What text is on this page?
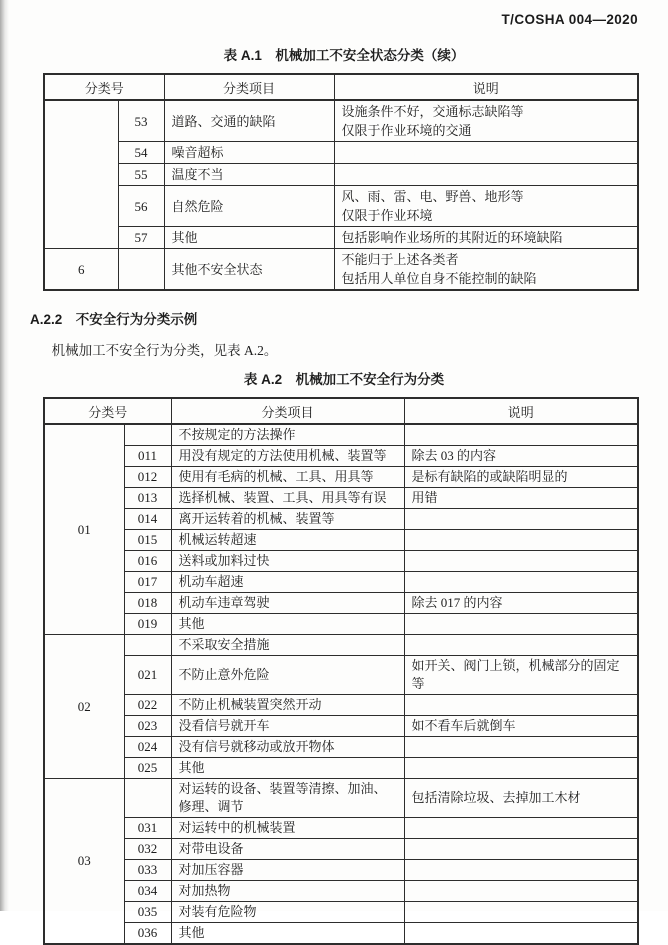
T/COSHA 004—2020
表 A.1　机械加工不安全状态分类（续）
分类号		分类项目	说明
	53	道路、交通的缺陷	设施条件不好，交通标志缺陷等
仅限于作业环境的交通
	54	噪音超标	
	55	温度不当	
	56	自然危险	风、雨、雷、电、野兽、地形等
仅限于作业环境
	57	其他	包括影响作业场所的其附近的环境缺陷
6		其他不安全状态	不能归于上述各类者
包括用人单位自身不能控制的缺陷
A.2.2　不安全行为分类示例

机械加工不安全行为分类，见表 A.2。

表 A.2　机械加工不安全行为分类
分类号		分类项目	说明
01		不按规定的方法操作	
	011	用没有规定的方法使用机械、装置等	除去 03 的内容
	012	使用有毛病的机械、工具、用具等	是标有缺陷的或缺陷明显的
	013	选择机械、装置、工具、用具等有误	用错
	014	离开运转着的机械、装置等	
	015	机械运转超速	
	016	送料或加料过快	
	017	机动车超速	
	018	机动车违章驾驶	除去 017 的内容
	019	其他	
02		不采取安全措施	
	021	不防止意外危险	如开关、阀门上锁，机械部分的固定等
	022	不防止机械装置突然开动	
	023	没看信号就开车	如不看车后就倒车
	024	没有信号就移动或放开物体	
	025	其他	
03		对运转的设备、装置等清擦、加油、修理、调节	包括清除垃圾、去掉加工木材
	031	对运转中的机械装置	
	032	对带电设备	
	033	对加压容器	
	034	对加热物	
	035	对装有危险物	
	036	其他	
